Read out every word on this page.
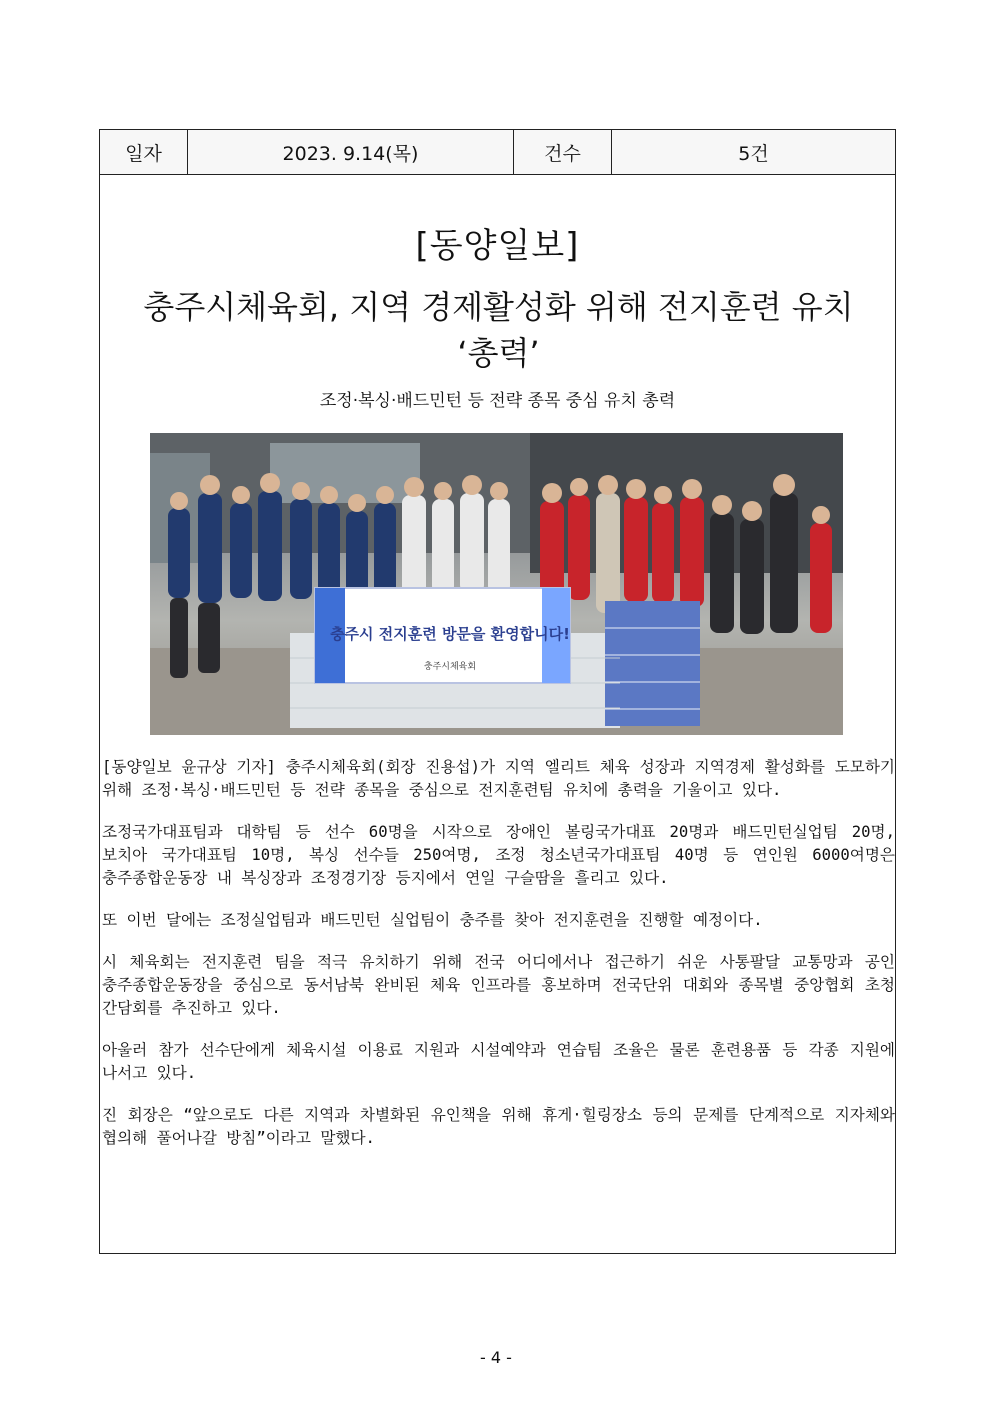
일자	2023. 9.14(목)	건수	5건
[동양일보]
충주시체육회, 지역 경제활성화 위해 전지훈련 유치 ‘총력’
조정·복싱·배드민턴 등 전략 종목 중심 유치 총력
충주시 전지훈련 방문을 환영합니다!
충주시체육회

[동양일보 윤규상 기자] 충주시체육회(회장 진용섭)가 지역 엘리트 체육 성장과 지역경제 활성화를 도모하기 위해 조정·복싱·배드민턴 등 전략 종목을 중심으로 전지훈련팀 유치에 총력을 기울이고 있다.

조정국가대표팀과 대학팀 등 선수 60명을 시작으로 장애인 볼링국가대표 20명과 배드민턴실업팀 20명, 보치아 국가대표팀 10명, 복싱 선수들 250여명, 조정 청소년국가대표팀 40명 등 연인원 6000여명은 충주종합운동장 내 복싱장과 조정경기장 등지에서 연일 구슬땀을 흘리고 있다.

또 이번 달에는 조정실업팀과 배드민턴 실업팀이 충주를 찾아 전지훈련을 진행할 예정이다.

시 체육회는 전지훈련 팀을 적극 유치하기 위해 전국 어디에서나 접근하기 쉬운 사통팔달 교통망과 공인 충주종합운동장을 중심으로 동서남북 완비된 체육 인프라를 홍보하며 전국단위 대회와 종목별 중앙협회 초청 간담회를 추진하고 있다.

아울러 참가 선수단에게 체육시설 이용료 지원과 시설예약과 연습팀 조율은 물론 훈련용품 등 각종 지원에 나서고 있다.

진 회장은 “앞으로도 다른 지역과 차별화된 유인책을 위해 휴게·힐링장소 등의 문제를 단계적으로 지자체와 협의해 풀어나갈 방침”이라고 말했다.

- 4 -
